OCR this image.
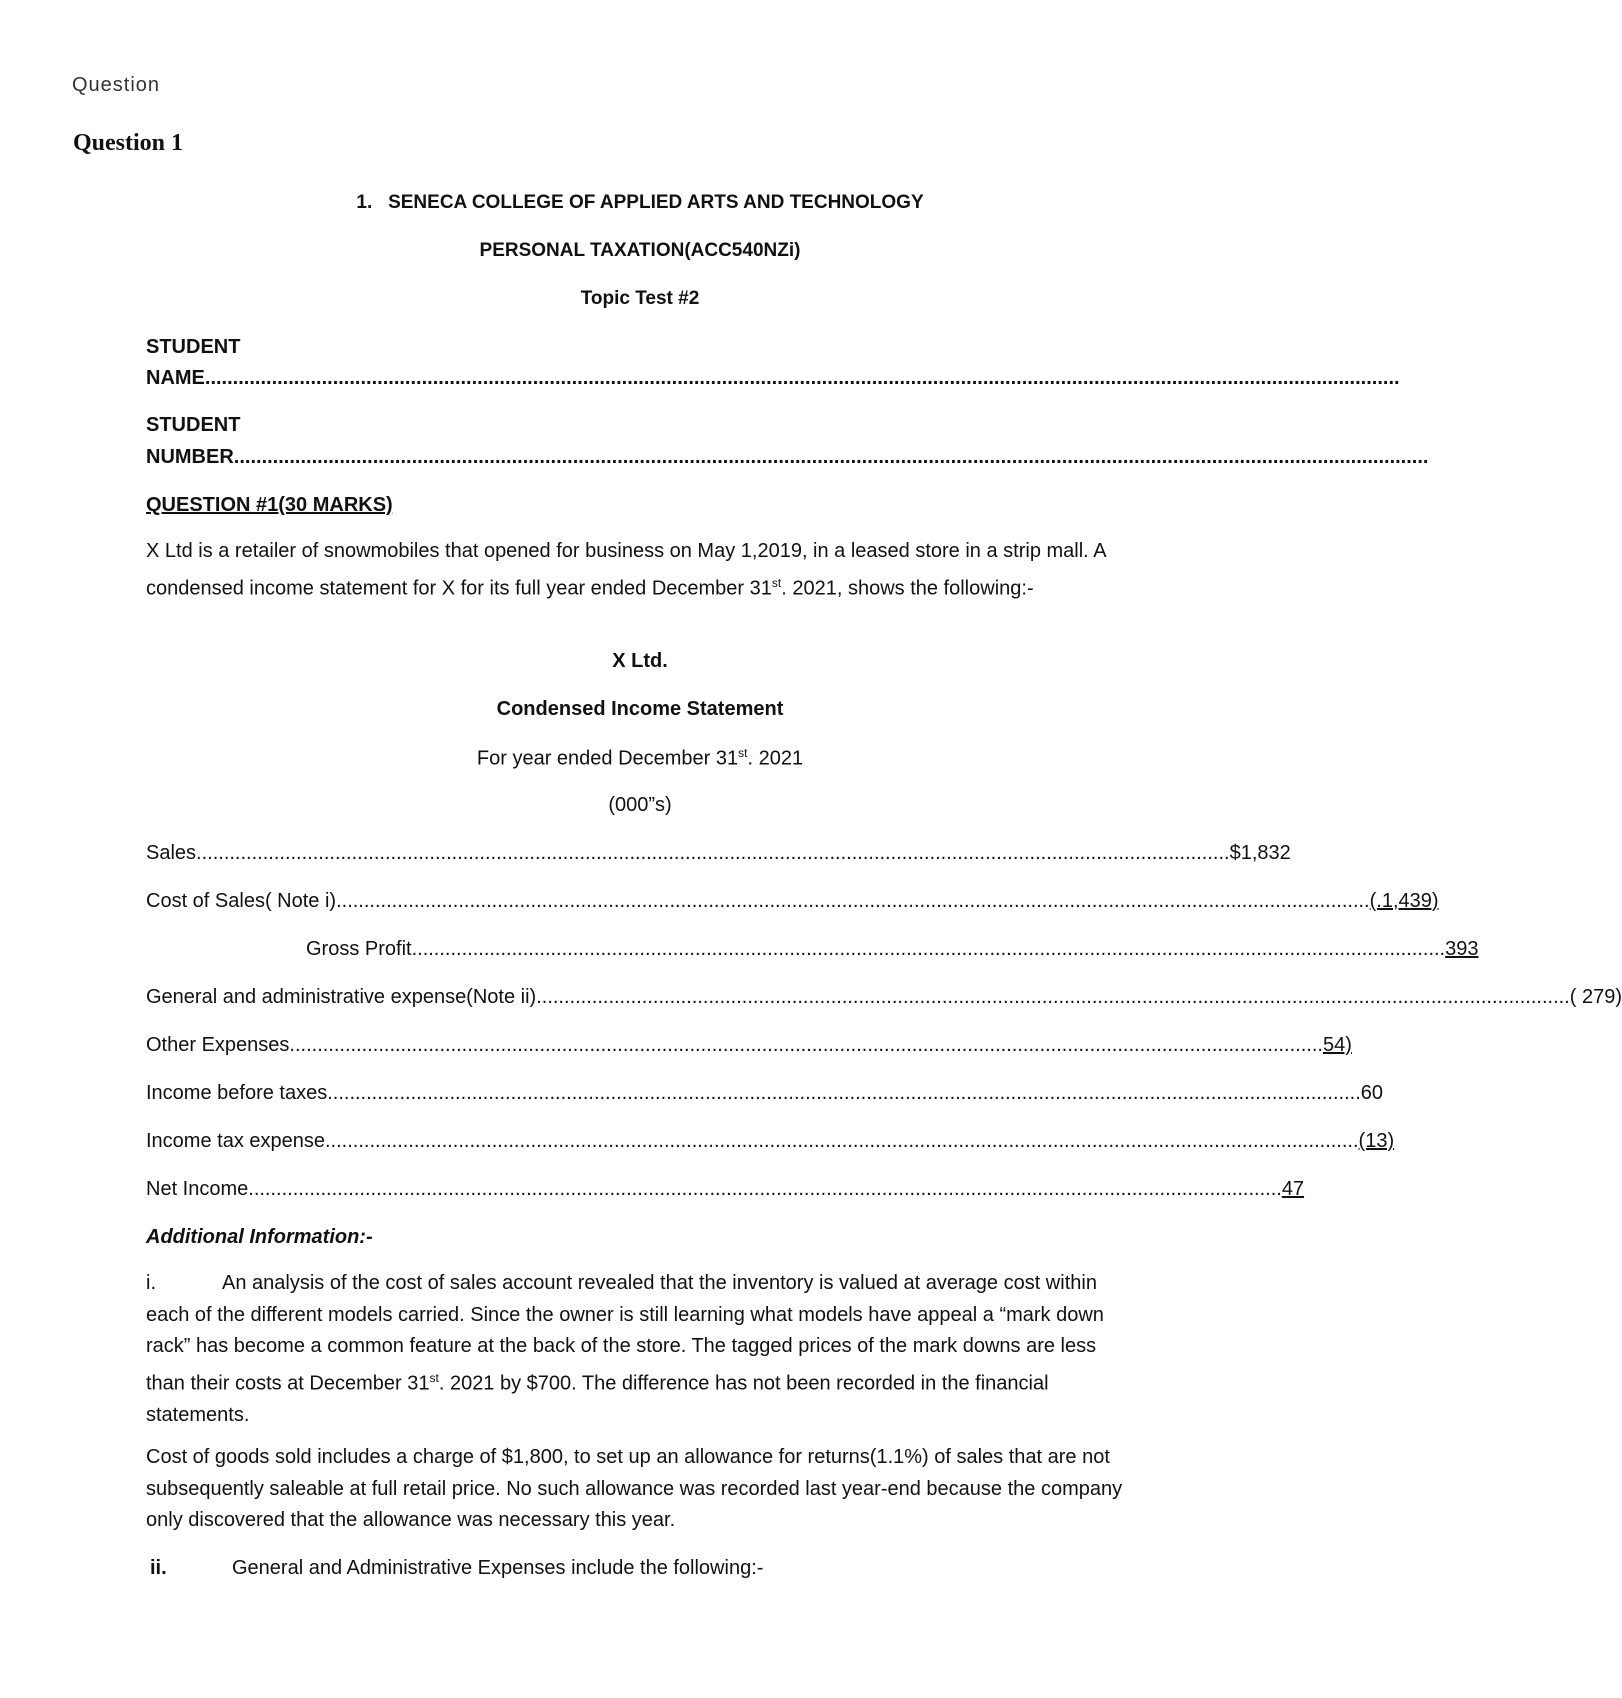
Question
Question 1
1. SENECA COLLEGE OF APPLIED ARTS AND TECHNOLOGY
PERSONAL TAXATION(ACC540NZi)
Topic Test #2
STUDENT
NAME .......................................................................................................................................................................................................................
STUDENT
NUMBER .......................................................................................................................................................................................................................
QUESTION #1(30 MARKS)
X Ltd is a retailer of snowmobiles that opened for business on May 1,2019, in a leased store in a strip mall. A condensed income statement for X for its full year ended December 31st. 2021, shows the following:-
X Ltd.
Condensed Income Statement
For year ended December 31st. 2021
(000”s)
Sales .......................................................................................................................................................................................... $1,832
Cost of Sales( Note i) .......................................................................................................................................................................................... (.1,439)
Gross Profit .......................................................................................................................................................................................... 393
General and administrative expense(Note ii) .......................................................................................................................................................................................... ( 279)
Other Expenses .......................................................................................................................................................................................... 54)
Income before taxes .......................................................................................................................................................................................... 60
Income tax expense .......................................................................................................................................................................................... (13)
Net Income .......................................................................................................................................................................................... 47
Additional Information:-
i.	An analysis of the cost of sales account revealed that the inventory is valued at average cost within each of the different models carried. Since the owner is still learning what models have appeal a “mark down rack” has become a common feature at the back of the store. The tagged prices of the mark downs are less than their costs at December 31st. 2021 by $700. The difference has not been recorded in the financial statements.
Cost of goods sold includes a charge of $1,800, to set up an allowance for returns(1.1%) of sales that are not subsequently saleable at full retail price. No such allowance was recorded last year-end because the company only discovered that the allowance was necessary this year.
ii.	General and Administrative Expenses include the following:-
